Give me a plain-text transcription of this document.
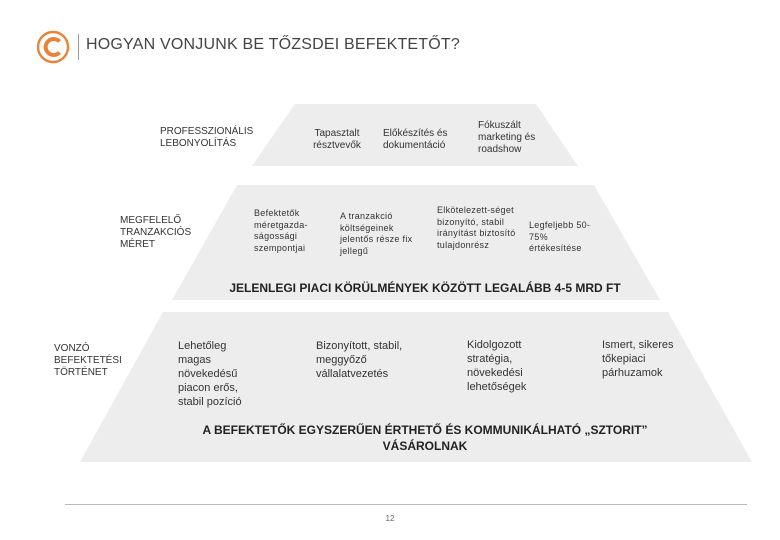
HOGYAN VONJUNK BE TŐZSDEI BEFEKTETŐT?
PROFESSZIONÁLIS LEBONYOLÍTÁS
Tapasztalt résztvevők
Előkészítés és dokumentáció
Fókuszált marketing és roadshow
MEGFELELŐ TRANZAKCIÓS MÉRET
Befektetők méretgazda-ságossági szempontjai
A tranzakció költségeinek jelentős része fix jellegű
Elkötelezett-séget bizonyító, stabil irányítást biztosító tulajdonrész
Legfeljebb 50-75% értékesítése
JELENLEGI PIACI KÖRÜLMÉNYEK KÖZÖTT LEGALÁBB 4-5 MRD FT
VONZÓ BEFEKTETÉSI TÖRTÉNET
Lehetőleg magas növekedésű piacon erős, stabil pozíció
Bizonyított, stabil, meggyőző vállalatvezetés
Kidolgozott stratégia, növekedési lehetőségek
Ismert, sikeres tőkepiaci párhuzamok
A BEFEKTETŐK EGYSZERŰEN ÉRTHETŐ ÉS KOMMUNIKÁLHATÓ „SZTORIT”
VÁSÁROLNAK
12
